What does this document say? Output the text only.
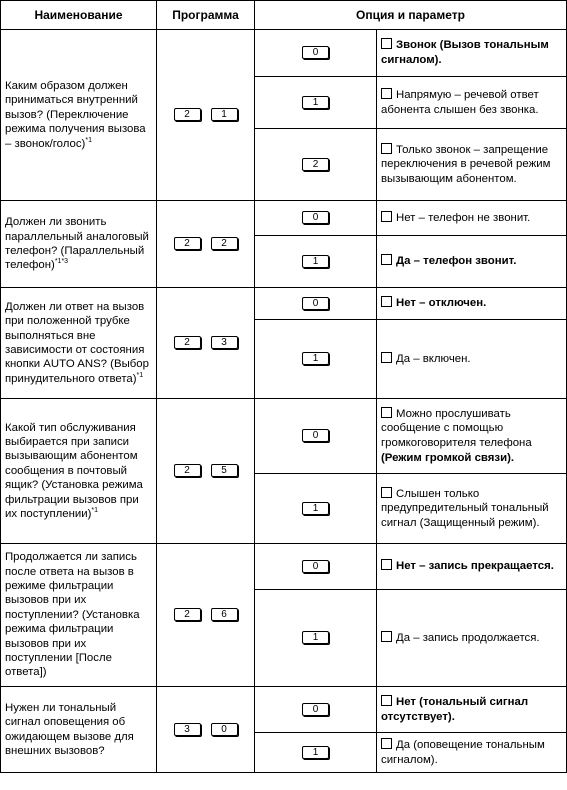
Наименование	Программа	Опция и параметр	
Каким образом должен приниматься внутренний вызов? (Переключение режима получения вызова – звонок/голос)$^{*1}$	2 1	0	Звонок (Вызов тональным сигналом).
		1	Напрямую – речевой ответ абонента слышен без звонка.
		2	Только звонок – запрещение переключения в речевой режим вызывающим абонентом.
Должен ли звонить параллельный аналоговый телефон? (Параллельный телефон)$^{*1*3}$	2 2	0	Нет – телефон не звонит.
		1	Да – телефон звонит.
Должен ли ответ на вызов при положенной трубке выполняться вне зависимости от состояния кнопки AUTO ANS? (Выбор принудительного ответа)$^{*1}$	2 3	0	Нет – отключен.
		1	Да – включен.
Какой тип обслуживания выбирается при записи вызывающим абонентом сообщения в почтовый ящик? (Установка режима фильтрации вызовов при их поступлении)$^{*1}$	2 5	0	Можно прослушивать сообщение с помощью громкоговорителя телефона (Режим громкой связи).
		1	Слышен только предупредительный тональный сигнал (Защищенный режим).
Продолжается ли запись после ответа на вызов в режиме фильтрации вызовов при их поступлении? (Установка режима фильтрации вызовов при их поступлении [После ответа])	2 6	0	Нет – запись прекращается.
		1	Да – запись продолжается.
Нужен ли тональный сигнал оповещения об ожидающем вызове для внешних вызовов?	3 0	0	Нет (тональный сигнал отсутствует).
		1	Да (оповещение тональным сигналом).
